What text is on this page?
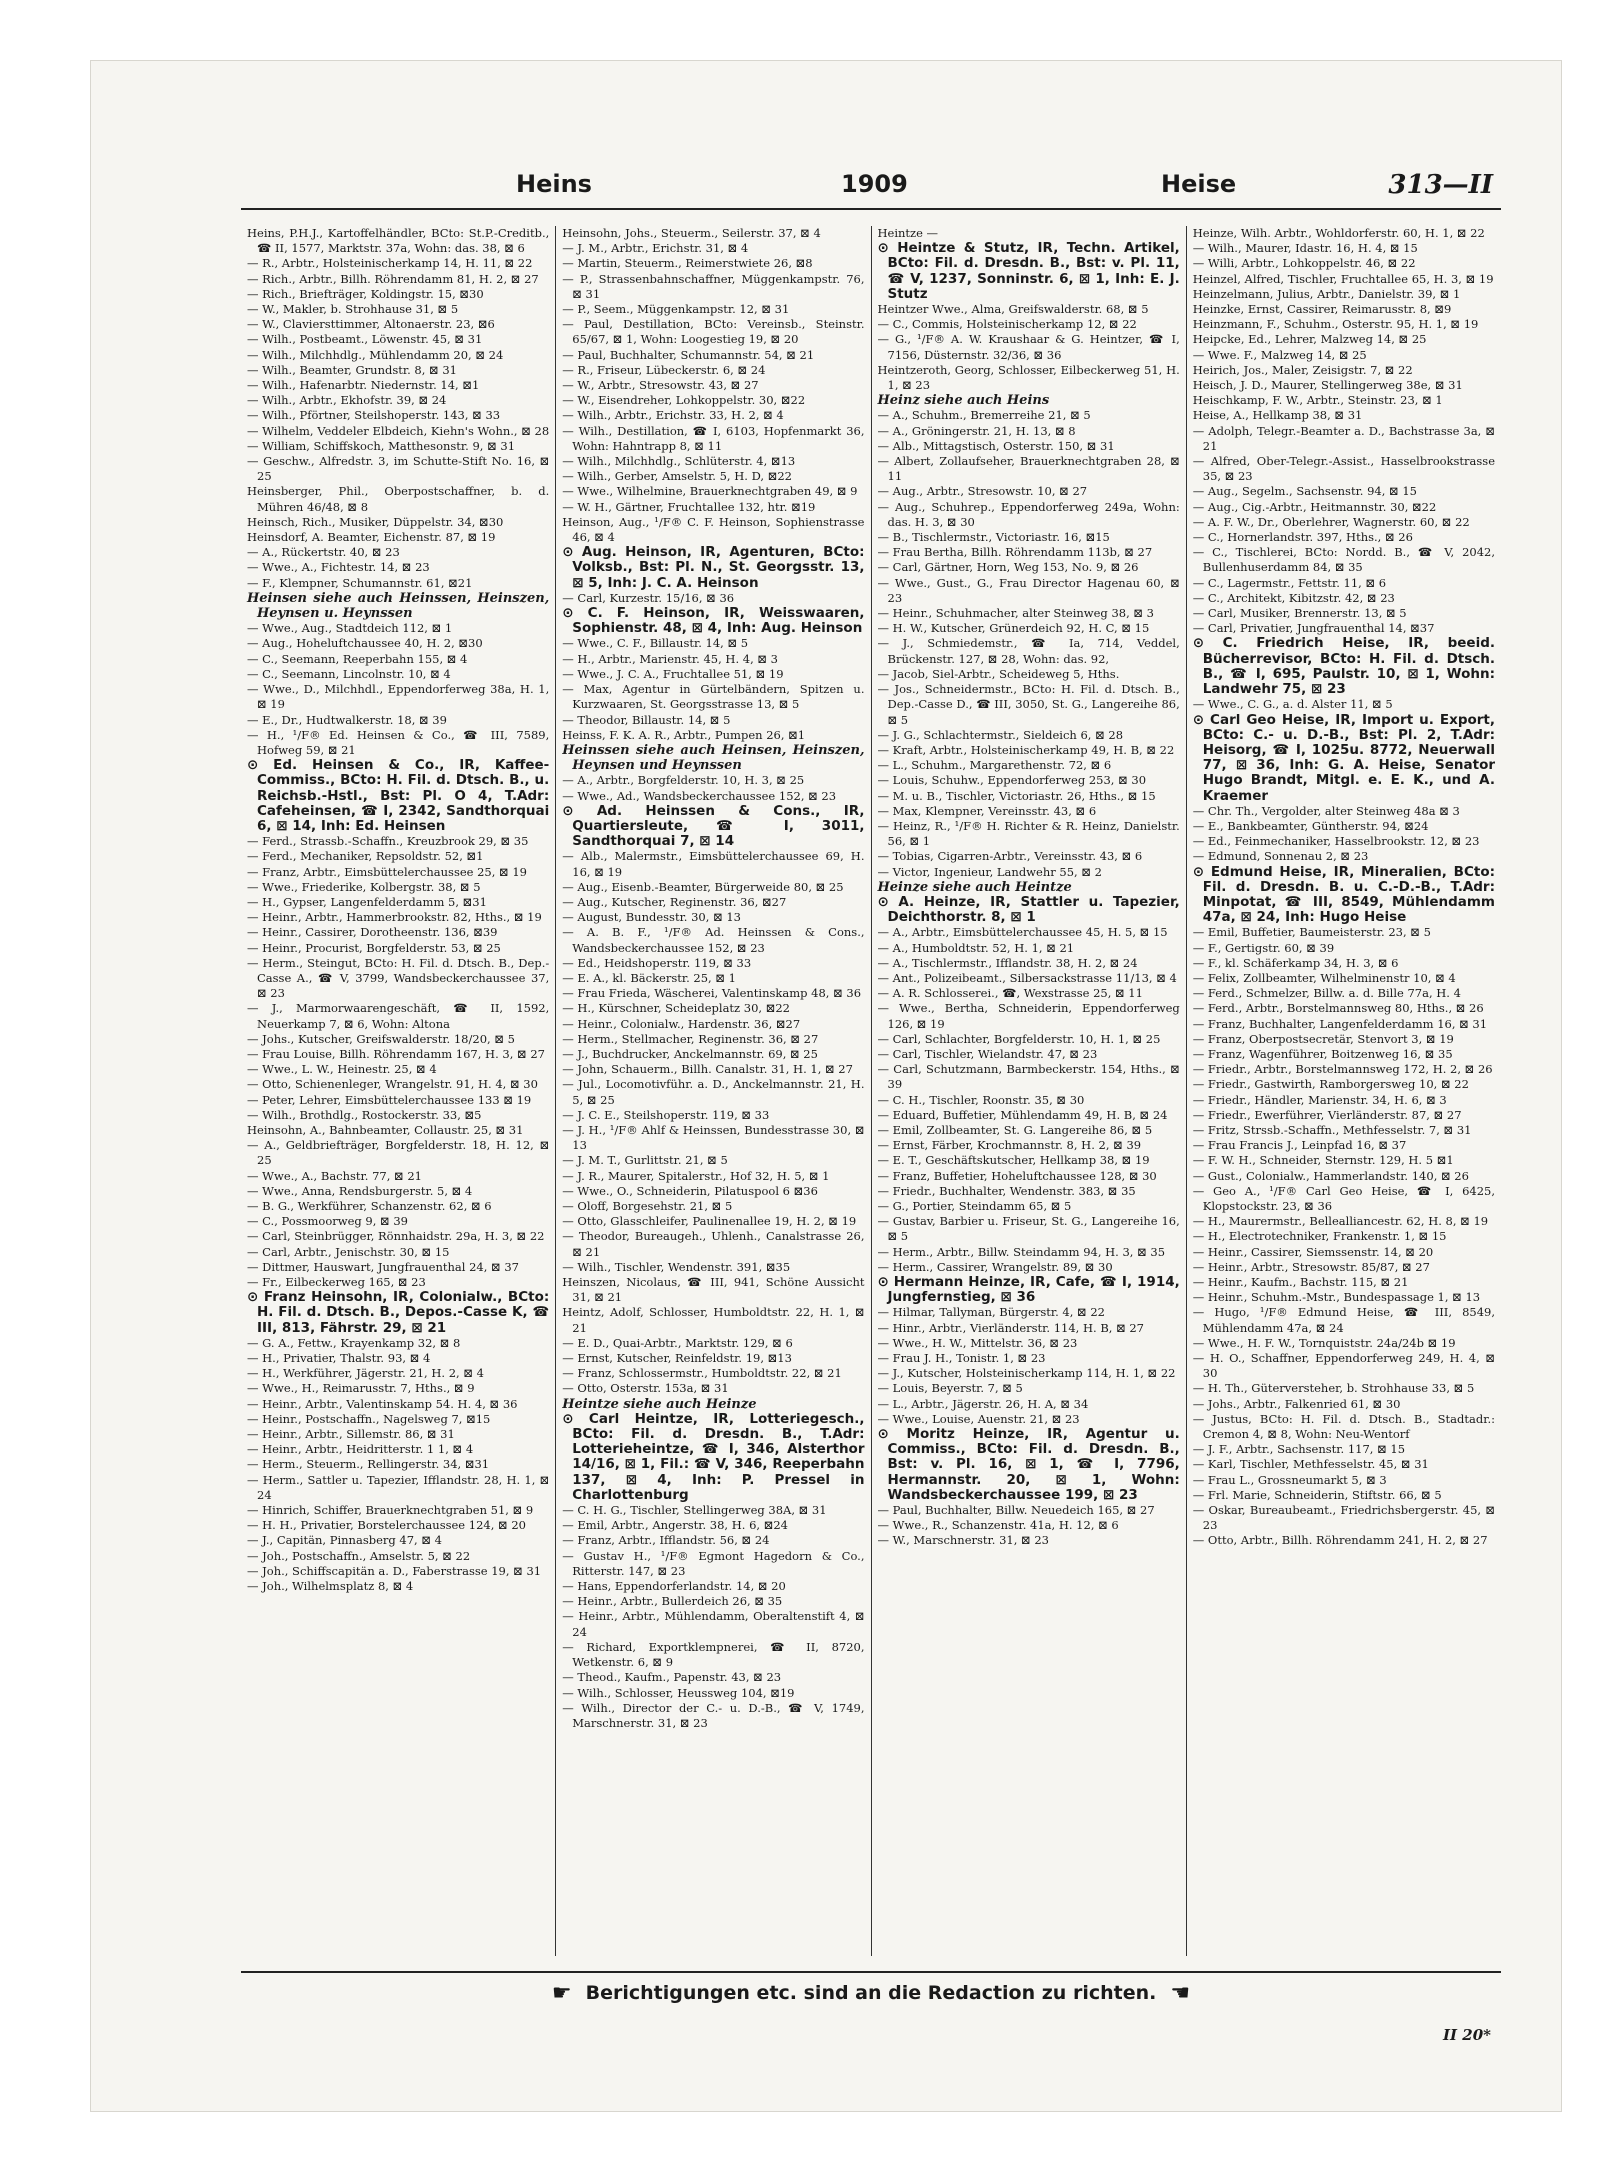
Heins	1909	Heise	313—II

Heins, P.H.J., Kartoffelhändler, BCto: St.P.-Creditb., ☎ II, 1577, Marktstr. 37a, Wohn: das. 38, ⊠ 6

— R., Arbtr., Holsteinischerkamp 14, H. 11, ⊠ 22

— Rich., Arbtr., Billh. Röhrendamm 81, H. 2, ⊠ 27

— Rich., Briefträger, Koldingstr. 15, ⊠30

— W., Makler, b. Strohhause 31, ⊠ 5

— W., Claviersttimmer, Altonaerstr. 23, ⊠6

— Wilh., Postbeamt., Löwenstr. 45, ⊠ 31

— Wilh., Milchhdlg., Mühlendamm 20, ⊠ 24

— Wilh., Beamter, Grundstr. 8, ⊠ 31

— Wilh., Hafenarbtr. Niedernstr. 14, ⊠1

— Wilh., Arbtr., Ekhofstr. 39, ⊠ 24

— Wilh., Pförtner, Steilshoperstr. 143, ⊠ 33

— Wilhelm, Veddeler Elbdeich, Kiehn's Wohn., ⊠ 28

— William, Schiffskoch, Matthesonstr. 9, ⊠ 31

— Geschw., Alfredstr. 3, im Schutte-Stift No. 16, ⊠ 25

Heinsberger, Phil., Oberpostschaffner, b. d. Mühren 46/48, ⊠ 8

Heinsch, Rich., Musiker, Düppelstr. 34, ⊠30

Heinsdorf, A. Beamter, Eichenstr. 87, ⊠ 19

— A., Rückertstr. 40, ⊠ 23

— Wwe., A., Fichtestr. 14, ⊠ 23

— F., Klempner, Schumannstr. 61, ⊠21

Heinsen siehe auch Heinssen, Heinszen, Heynsen u. Heynssen

— Wwe., Aug., Stadtdeich 112, ⊠ 1

— Aug., Hoheluftchaussee 40, H. 2, ⊠30

— C., Seemann, Reeperbahn 155, ⊠ 4

— C., Seemann, Lincolnstr. 10, ⊠ 4

— Wwe., D., Milchhdl., Eppendorferweg 38a, H. 1, ⊠ 19

— E., Dr., Hudtwalkerstr. 18, ⊠ 39

— H., ¹/F® Ed. Heinsen & Co., ☎ III, 7589, Hofweg 59, ⊠ 21

⊙ Ed. Heinsen & Co., IR, Kaffee-Commiss., BCto: H. Fil. d. Dtsch. B., u. Reichsb.-Hstl., Bst: Pl. O 4, T.Adr: Cafeheinsen, ☎ I, 2342, Sandthorquai 6, ⊠ 14, Inh: Ed. Heinsen

— Ferd., Strassb.-Schaffn., Kreuzbrook 29, ⊠ 35

— Ferd., Mechaniker, Repsoldstr. 52, ⊠1

— Franz, Arbtr., Eimsbüttelerchaussee 25, ⊠ 19

— Wwe., Friederike, Kolbergstr. 38, ⊠ 5

— H., Gypser, Langenfelderdamm 5, ⊠31

— Heinr., Arbtr., Hammerbrookstr. 82, Hths., ⊠ 19

— Heinr., Cassirer, Dorotheenstr. 136, ⊠39

— Heinr., Procurist, Borgfelderstr. 53, ⊠ 25

— Herm., Steingut, BCto: H. Fil. d. Dtsch. B., Dep.-Casse A., ☎ V, 3799, Wandsbeckerchaussee 37, ⊠ 23

— J., Marmorwaarengeschäft, ☎ II, 1592, Neuerkamp 7, ⊠ 6, Wohn: Altona

— Johs., Kutscher, Greifswalderstr. 18/20, ⊠ 5

— Frau Louise, Billh. Röhrendamm 167, H. 3, ⊠ 27

— Wwe., L. W., Heinestr. 25, ⊠ 4

— Otto, Schienenleger, Wrangelstr. 91, H. 4, ⊠ 30

— Peter, Lehrer, Eimsbüttelerchaussee 133 ⊠ 19

— Wilh., Brothdlg., Rostockerstr. 33, ⊠5

Heinsohn, A., Bahnbeamter, Collaustr. 25, ⊠ 31

— A., Geldbriefträger, Borgfelderstr. 18, H. 12, ⊠ 25

— Wwe., A., Bachstr. 77, ⊠ 21

— Wwe., Anna, Rendsburgerstr. 5, ⊠ 4

— B. G., Werkführer, Schanzenstr. 62, ⊠ 6

— C., Possmoorweg 9, ⊠ 39

— Carl, Steinbrügger, Rönnhaidstr. 29a, H. 3, ⊠ 22

— Carl, Arbtr., Jenischstr. 30, ⊠ 15

— Dittmer, Hauswart, Jungfrauenthal 24, ⊠ 37

— Fr., Eilbeckerweg 165, ⊠ 23

⊙ Franz Heinsohn, IR, Colonialw., BCto: H. Fil. d. Dtsch. B., Depos.-Casse K, ☎ III, 813, Fährstr. 29, ⊠ 21

— G. A., Fettw., Krayenkamp 32, ⊠ 8

— H., Privatier, Thalstr. 93, ⊠ 4

— H., Werkführer, Jägerstr. 21, H. 2, ⊠ 4

— Wwe., H., Reimarusstr. 7, Hths., ⊠ 9

— Heinr., Arbtr., Valentinskamp 54. H. 4, ⊠ 36

— Heinr., Postschaffn., Nagelsweg 7, ⊠15

— Heinr., Arbtr., Sillemstr. 86, ⊠ 31

— Heinr., Arbtr., Heidritterstr. 1 1, ⊠ 4

— Herm., Steuerm., Rellingerstr. 34, ⊠31

— Herm., Sattler u. Tapezier, Ifflandstr. 28, H. 1, ⊠ 24

— Hinrich, Schiffer, Brauerknechtgraben 51, ⊠ 9

— H. H., Privatier, Borstelerchaussee 124, ⊠ 20

— J., Capitän, Pinnasberg 47, ⊠ 4

— Joh., Postschaffn., Amselstr. 5, ⊠ 22

— Joh., Schiffscapitän a. D., Faberstrasse 19, ⊠ 31

— Joh., Wilhelmsplatz 8, ⊠ 4

Heinsohn, Johs., Steuerm., Seilerstr. 37, ⊠ 4

— J. M., Arbtr., Erichstr. 31, ⊠ 4

— Martin, Steuerm., Reimerstwiete 26, ⊠8

— P., Strassenbahnschaffner, Müggenkampstr. 76, ⊠ 31

— P., Seem., Müggenkampstr. 12, ⊠ 31

— Paul, Destillation, BCto: Vereinsb., Steinstr. 65/67, ⊠ 1, Wohn: Loogestieg 19, ⊠ 20

— Paul, Buchhalter, Schumannstr. 54, ⊠ 21

— R., Friseur, Lübeckerstr. 6, ⊠ 24

— W., Arbtr., Stresowstr. 43, ⊠ 27

— W., Eisendreher, Lohkoppelstr. 30, ⊠22

— Wilh., Arbtr., Erichstr. 33, H. 2, ⊠ 4

— Wilh., Destillation, ☎ I, 6103, Hopfenmarkt 36, Wohn: Hahntrapp 8, ⊠ 11

— Wilh., Milchhdlg., Schlüterstr. 4, ⊠13

— Wilh., Gerber, Amselstr. 5, H. D, ⊠22

— Wwe., Wilhelmine, Brauerknechtgraben 49, ⊠ 9

— W. H., Gärtner, Fruchtallee 132, htr. ⊠19

Heinson, Aug., ¹/F® C. F. Heinson, Sophienstrasse 46, ⊠ 4

⊙ Aug. Heinson, IR, Agenturen, BCto: Volksb., Bst: Pl. N., St. Georgsstr. 13, ⊠ 5, Inh: J. C. A. Heinson

— Carl, Kurzestr. 15/16, ⊠ 36

⊙ C. F. Heinson, IR, Weisswaaren, Sophienstr. 48, ⊠ 4, Inh: Aug. Heinson

— Wwe., C. F., Billaustr. 14, ⊠ 5

— H., Arbtr., Marienstr. 45, H. 4, ⊠ 3

— Wwe., J. C. A., Fruchtallee 51, ⊠ 19

— Max, Agentur in Gürtelbändern, Spitzen u. Kurzwaaren, St. Georgsstrasse 13, ⊠ 5

— Theodor, Billaustr. 14, ⊠ 5

Heinss, F. K. A. R., Arbtr., Pumpen 26, ⊠1

Heinssen siehe auch Heinsen, Heinszen, Heynsen und Heynssen

— A., Arbtr., Borgfelderstr. 10, H. 3, ⊠ 25

— Wwe., Ad., Wandsbeckerchaussee 152, ⊠ 23

⊙ Ad. Heinssen & Cons., IR, Quartiersleute, ☎ I, 3011, Sandthorquai 7, ⊠ 14

— Alb., Malermstr., Eimsbüttelerchaussee 69, H. 16, ⊠ 19

— Aug., Eisenb.-Beamter, Bürgerweide 80, ⊠ 25

— Aug., Kutscher, Reginenstr. 36, ⊠27

— August, Bundesstr. 30, ⊠ 13

— A. B. F., ¹/F® Ad. Heinssen & Cons., Wandsbeckerchaussee 152, ⊠ 23

— Ed., Heidshoperstr. 119, ⊠ 33

— E. A., kl. Bäckerstr. 25, ⊠ 1

— Frau Frieda, Wäscherei, Valentinskamp 48, ⊠ 36

— H., Kürschner, Scheideplatz 30, ⊠22

— Heinr., Colonialw., Hardenstr. 36, ⊠27

— Herm., Stellmacher, Reginenstr. 36, ⊠ 27

— J., Buchdrucker, Anckelmannstr. 69, ⊠ 25

— John, Schauerm., Billh. Canalstr. 31, H. 1, ⊠ 27

— Jul., Locomotivführ. a. D., Anckelmannstr. 21, H. 5, ⊠ 25

— J. C. E., Steilshoperstr. 119, ⊠ 33

— J. H., ¹/F® Ahlf & Heinssen, Bundesstrasse 30, ⊠ 13

— J. M. T., Gurlittstr. 21, ⊠ 5

— J. R., Maurer, Spitalerstr., Hof 32, H. 5, ⊠ 1

— Wwe., O., Schneiderin, Pilatuspool 6 ⊠36

— Oloff, Borgesehstr. 21, ⊠ 5

— Otto, Glasschleifer, Paulinenallee 19, H. 2, ⊠ 19

— Theodor, Bureaugeh., Uhlenh., Canalstrasse 26, ⊠ 21

— Wilh., Tischler, Wendenstr. 391, ⊠35

Heinszen, Nicolaus, ☎ III, 941, Schöne Aussicht 31, ⊠ 21

Heintz, Adolf, Schlosser, Humboldtstr. 22, H. 1, ⊠ 21

— E. D., Quai-Arbtr., Marktstr. 129, ⊠ 6

— Ernst, Kutscher, Reinfeldstr. 19, ⊠13

— Franz, Schlossermstr., Humboldtstr. 22, ⊠ 21

— Otto, Osterstr. 153a, ⊠ 31

Heintze siehe auch Heinze

⊙ Carl Heintze, IR, Lotteriegesch., BCto: Fil. d. Dresdn. B., T.Adr: Lotterieheintze, ☎ I, 346, Alsterthor 14/16, ⊠ 1, Fil.: ☎ V, 346, Reeperbahn 137, ⊠ 4, Inh: P. Pressel in Charlottenburg

— C. H. G., Tischler, Stellingerweg 38A, ⊠ 31

— Emil, Arbtr., Angerstr. 38, H. 6, ⊠24

— Franz, Arbtr., Ifflandstr. 56, ⊠ 24

— Gustav H., ¹/F® Egmont Hagedorn & Co., Ritterstr. 147, ⊠ 23

— Hans, Eppendorferlandstr. 14, ⊠ 20

— Heinr., Arbtr., Bullerdeich 26, ⊠ 35

— Heinr., Arbtr., Mühlendamm, Oberaltenstift 4, ⊠ 24

— Richard, Exportklempnerei, ☎ II, 8720, Wetkenstr. 6, ⊠ 9

— Theod., Kaufm., Papenstr. 43, ⊠ 23

— Wilh., Schlosser, Heussweg 104, ⊠19

— Wilh., Director der C.- u. D.-B., ☎ V, 1749, Marschnerstr. 31, ⊠ 23

Heintze —

⊙ Heintze & Stutz, IR, Techn. Artikel, BCto: Fil. d. Dresdn. B., Bst: v. Pl. 11, ☎ V, 1237, Sonninstr. 6, ⊠ 1, Inh: E. J. Stutz

Heintzer Wwe., Alma, Greifswalderstr. 68, ⊠ 5

— C., Commis, Holsteinischerkamp 12, ⊠ 22

— G., ¹/F® A. W. Kraushaar & G. Heintzer, ☎ I, 7156, Düsternstr. 32/36, ⊠ 36

Heintzeroth, Georg, Schlosser, Eilbeckerweg 51, H. 1, ⊠ 23

Heinz siehe auch Heins

— A., Schuhm., Bremerreihe 21, ⊠ 5

— A., Gröningerstr. 21, H. 13, ⊠ 8

— Alb., Mittagstisch, Osterstr. 150, ⊠ 31

— Albert, Zollaufseher, Brauerknechtgraben 28, ⊠ 11

— Aug., Arbtr., Stresowstr. 10, ⊠ 27

— Aug., Schuhrep., Eppendorferweg 249a, Wohn: das. H. 3, ⊠ 30

— B., Tischlermstr., Victoriastr. 16, ⊠15

— Frau Bertha, Billh. Röhrendamm 113b, ⊠ 27

— Carl, Gärtner, Horn, Weg 153, No. 9, ⊠ 26

— Wwe., Gust., G., Frau Director Hagenau 60, ⊠ 23

— Heinr., Schuhmacher, alter Steinweg 38, ⊠ 3

— H. W., Kutscher, Grünerdeich 92, H. C, ⊠ 15

— J., Schmiedemstr., ☎ Ia, 714, Veddel, Brückenstr. 127, ⊠ 28, Wohn: das. 92,

— Jacob, Siel-Arbtr., Scheideweg 5, Hths.

— Jos., Schneidermstr., BCto: H. Fil. d. Dtsch. B., Dep.-Casse D., ☎ III, 3050, St. G., Langereihe 86, ⊠ 5

— J. G., Schlachtermstr., Sieldeich 6, ⊠ 28

— Kraft, Arbtr., Holsteinischerkamp 49, H. B, ⊠ 22

— L., Schuhm., Margarethenstr. 72, ⊠ 6

— Louis, Schuhw., Eppendorferweg 253, ⊠ 30

— M. u. B., Tischler, Victoriastr. 26, Hths., ⊠ 15

— Max, Klempner, Vereinsstr. 43, ⊠ 6

— Heinz, R., ¹/F® H. Richter & R. Heinz, Danielstr. 56, ⊠ 1

— Tobias, Cigarren-Arbtr., Vereinsstr. 43, ⊠ 6

— Victor, Ingenieur, Landwehr 55, ⊠ 2

Heinze siehe auch Heintze

⊙ A. Heinze, IR, Stattler u. Tapezier, Deichthorstr. 8, ⊠ 1

— A., Arbtr., Eimsbüttelerchaussee 45, H. 5, ⊠ 15

— A., Humboldtstr. 52, H. 1, ⊠ 21

— A., Tischlermstr., Ifflandstr. 38, H. 2, ⊠ 24

— Ant., Polizeibeamt., Silbersackstrasse 11/13, ⊠ 4

— A. R. Schlosserei., ☎, Wexstrasse 25, ⊠ 11

— Wwe., Bertha, Schneiderin, Eppendorferweg 126, ⊠ 19

— Carl, Schlachter, Borgfelderstr. 10, H. 1, ⊠ 25

— Carl, Tischler, Wielandstr. 47, ⊠ 23

— Carl, Schutzmann, Barmbeckerstr. 154, Hths., ⊠ 39

— C. H., Tischler, Roonstr. 35, ⊠ 30

— Eduard, Buffetier, Mühlendamm 49, H. B, ⊠ 24

— Emil, Zollbeamter, St. G. Langereihe 86, ⊠ 5

— Ernst, Färber, Krochmannstr. 8, H. 2, ⊠ 39

— E. T., Geschäftskutscher, Hellkamp 38, ⊠ 19

— Franz, Buffetier, Hoheluftchaussee 128, ⊠ 30

— Friedr., Buchhalter, Wendenstr. 383, ⊠ 35

— G., Portier, Steindamm 65, ⊠ 5

— Gustav, Barbier u. Friseur, St. G., Langereihe 16, ⊠ 5

— Herm., Arbtr., Billw. Steindamm 94, H. 3, ⊠ 35

— Herm., Cassirer, Wrangelstr. 89, ⊠ 30

⊙ Hermann Heinze, IR, Cafe, ☎ I, 1914, Jungfernstieg, ⊠ 36

— Hilmar, Tallyman, Bürgerstr. 4, ⊠ 22

— Hinr., Arbtr., Vierländerstr. 114, H. B, ⊠ 27

— Wwe., H. W., Mittelstr. 36, ⊠ 23

— Frau J. H., Tonistr. 1, ⊠ 23

— J., Kutscher, Holsteinischerkamp 114, H. 1, ⊠ 22

— Louis, Beyerstr. 7, ⊠ 5

— L., Arbtr., Jägerstr. 26, H. A, ⊠ 34

— Wwe., Louise, Auenstr. 21, ⊠ 23

⊙ Moritz Heinze, IR, Agentur u. Commiss., BCto: Fil. d. Dresdn. B., Bst: v. Pl. 16, ⊠ 1, ☎ I, 7796, Hermannstr. 20, ⊠ 1, Wohn: Wandsbeckerchaussee 199, ⊠ 23

— Paul, Buchhalter, Billw. Neuedeich 165, ⊠ 27

— Wwe., R., Schanzenstr. 41a, H. 12, ⊠ 6

— W., Marschnerstr. 31, ⊠ 23

Heinze, Wilh. Arbtr., Wohldorferstr. 60, H. 1, ⊠ 22

— Wilh., Maurer, Idastr. 16, H. 4, ⊠ 15

— Willi, Arbtr., Lohkoppelstr. 46, ⊠ 22

Heinzel, Alfred, Tischler, Fruchtallee 65, H. 3, ⊠ 19

Heinzelmann, Julius, Arbtr., Danielstr. 39, ⊠ 1

Heinzke, Ernst, Cassirer, Reimarusstr. 8, ⊠9

Heinzmann, F., Schuhm., Osterstr. 95, H. 1, ⊠ 19

Heipcke, Ed., Lehrer, Malzweg 14, ⊠ 25

— Wwe. F., Malzweg 14, ⊠ 25

Heirich, Jos., Maler, Zeisigstr. 7, ⊠ 22

Heisch, J. D., Maurer, Stellingerweg 38e, ⊠ 31

Heischkamp, F. W., Arbtr., Steinstr. 23, ⊠ 1

Heise, A., Hellkamp 38, ⊠ 31

— Adolph, Telegr.-Beamter a. D., Bachstrasse 3a, ⊠ 21

— Alfred, Ober-Telegr.-Assist., Hasselbrookstrasse 35, ⊠ 23

— Aug., Segelm., Sachsenstr. 94, ⊠ 15

— Aug., Cig.-Arbtr., Heitmannstr. 30, ⊠22

— A. F. W., Dr., Oberlehrer, Wagnerstr. 60, ⊠ 22

— C., Hornerlandstr. 397, Hths., ⊠ 26

— C., Tischlerei, BCto: Nordd. B., ☎ V, 2042, Bullenhuserdamm 84, ⊠ 35

— C., Lagermstr., Fettstr. 11, ⊠ 6

— C., Architekt, Kibitzstr. 42, ⊠ 23

— Carl, Musiker, Brennerstr. 13, ⊠ 5

— Carl, Privatier, Jungfrauenthal 14, ⊠37

⊙ C. Friedrich Heise, IR, beeid. Bücherrevisor, BCto: H. Fil. d. Dtsch. B., ☎ I, 695, Paulstr. 10, ⊠ 1, Wohn: Landwehr 75, ⊠ 23

— Wwe., C. G., a. d. Alster 11, ⊠ 5

⊙ Carl Geo Heise, IR, Import u. Export, BCto: C.- u. D.-B., Bst: Pl. 2, T.Adr: Heisorg, ☎ I, 1025u. 8772, Neuerwall 77, ⊠ 36, Inh: G. A. Heise, Senator Hugo Brandt, Mitgl. e. E. K., und A. Kraemer

— Chr. Th., Vergolder, alter Steinweg 48a ⊠ 3

— E., Bankbeamter, Güntherstr. 94, ⊠24

— Ed., Feinmechaniker, Hasselbrookstr. 12, ⊠ 23

— Edmund, Sonnenau 2, ⊠ 23

⊙ Edmund Heise, IR, Mineralien, BCto: Fil. d. Dresdn. B. u. C.-D.-B., T.Adr: Minpotat, ☎ III, 8549, Mühlendamm 47a, ⊠ 24, Inh: Hugo Heise

— Emil, Buffetier, Baumeisterstr. 23, ⊠ 5

— F., Gertigstr. 60, ⊠ 39

— F., kl. Schäferkamp 34, H. 3, ⊠ 6

— Felix, Zollbeamter, Wilhelminenstr 10, ⊠ 4

— Ferd., Schmelzer, Billw. a. d. Bille 77a, H. 4

— Ferd., Arbtr., Borstelmannsweg 80, Hths., ⊠ 26

— Franz, Buchhalter, Langenfelderdamm 16, ⊠ 31

— Franz, Oberpostsecretär, Stenvort 3, ⊠ 19

— Franz, Wagenführer, Boitzenweg 16, ⊠ 35

— Friedr., Arbtr., Borstelmannsweg 172, H. 2, ⊠ 26

— Friedr., Gastwirth, Ramborgersweg 10, ⊠ 22

— Friedr., Händler, Marienstr. 34, H. 6, ⊠ 3

— Friedr., Ewerführer, Vierländerstr. 87, ⊠ 27

— Fritz, Strssb.-Schaffn., Methfesselstr. 7, ⊠ 31

— Frau Francis J., Leinpfad 16, ⊠ 37

— F. W. H., Schneider, Sternstr. 129, H. 5 ⊠1

— Gust., Colonialw., Hammerlandstr. 140, ⊠ 26

— Geo A., ¹/F® Carl Geo Heise, ☎ I, 6425, Klopstockstr. 23, ⊠ 36

— H., Maurermstr., Bellealliancestr. 62, H. 8, ⊠ 19

— H., Electrotechniker, Frankenstr. 1, ⊠ 15

— Heinr., Cassirer, Siemssenstr. 14, ⊠ 20

— Heinr., Arbtr., Stresowstr. 85/87, ⊠ 27

— Heinr., Kaufm., Bachstr. 115, ⊠ 21

— Heinr., Schuhm.-Mstr., Bundespassage 1, ⊠ 13

— Hugo, ¹/F® Edmund Heise, ☎ III, 8549, Mühlendamm 47a, ⊠ 24

— Wwe., H. F. W., Tornquiststr. 24a/24b ⊠ 19

— H. O., Schaffner, Eppendorferweg 249, H. 4, ⊠ 30

— H. Th., Güterversteher, b. Strohhause 33, ⊠ 5

— Johs., Arbtr., Falkenried 61, ⊠ 30

— Justus, BCto: H. Fil. d. Dtsch. B., Stadtadr.: Cremon 4, ⊠ 8, Wohn: Neu-Wentorf

— J. F., Arbtr., Sachsenstr. 117, ⊠ 15

— Karl, Tischler, Methfesselstr. 45, ⊠ 31

— Frau L., Grossneumarkt 5, ⊠ 3

— Frl. Marie, Schneiderin, Stiftstr. 66, ⊠ 5

— Oskar, Bureaubeamt., Friedrichsbergerstr. 45, ⊠ 23

— Otto, Arbtr., Billh. Röhrendamm 241, H. 2, ⊠ 27

☛ Berichtigungen etc. sind an die Redaction zu richten. ☚
II 20*
